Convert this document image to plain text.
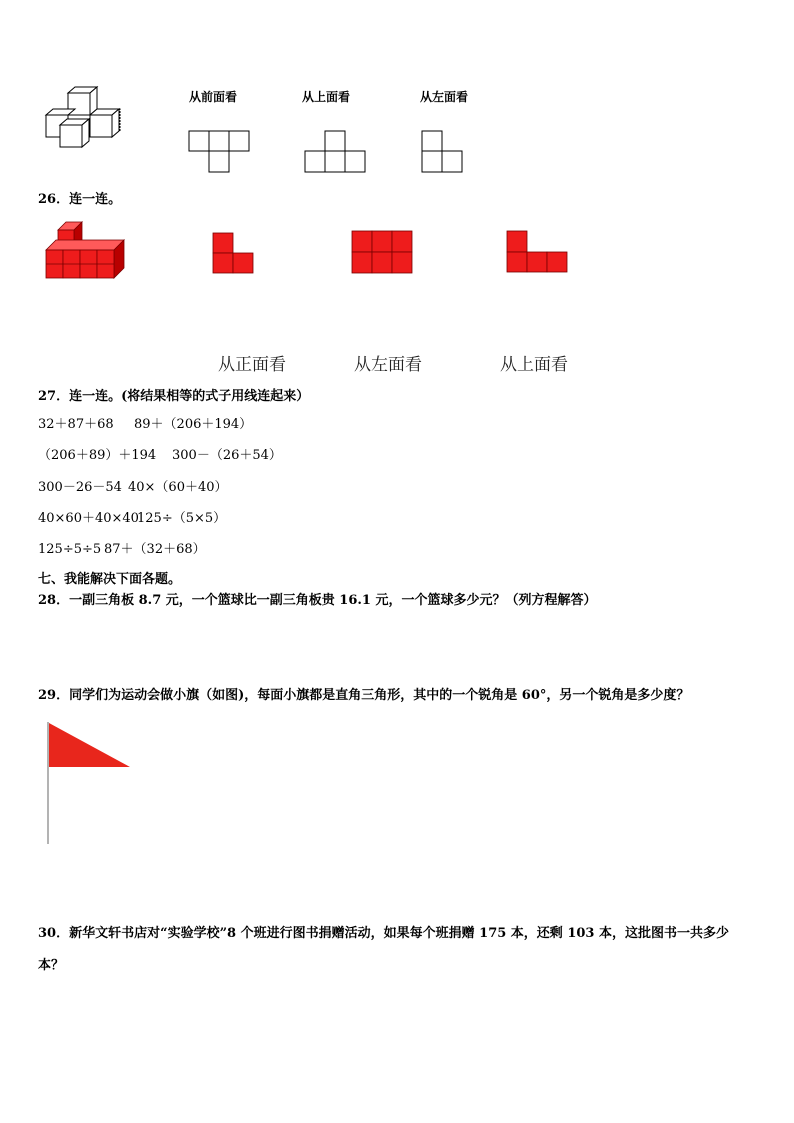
从前面看	从上面看	从左面看
26．连一连。
从正面看	从左面看	从上面看
27．连一连。(将结果相等的式子用线连起来）
32＋87＋68 89＋（206＋194）
（206＋89）＋194 300－（26＋54）
300－26－54 40×（60＋40）
40×60＋40×40
125÷（5×5）
125÷5÷5 87＋（32＋68）
七、我能解决下面各题。
28．一副三角板 8.7 元，一个篮球比一副三角板贵 16.1 元，一个篮球多少元？（列方程解答）
29．同学们为运动会做小旗（如图)，每面小旗都是直角三角形，其中的一个锐角是 60°，另一个锐角是多少度？
30．新华文轩书店对“实验学校”8 个班进行图书捐赠活动，如果每个班捐赠 175 本，还剩 103 本，这批图书一共多少
本？
